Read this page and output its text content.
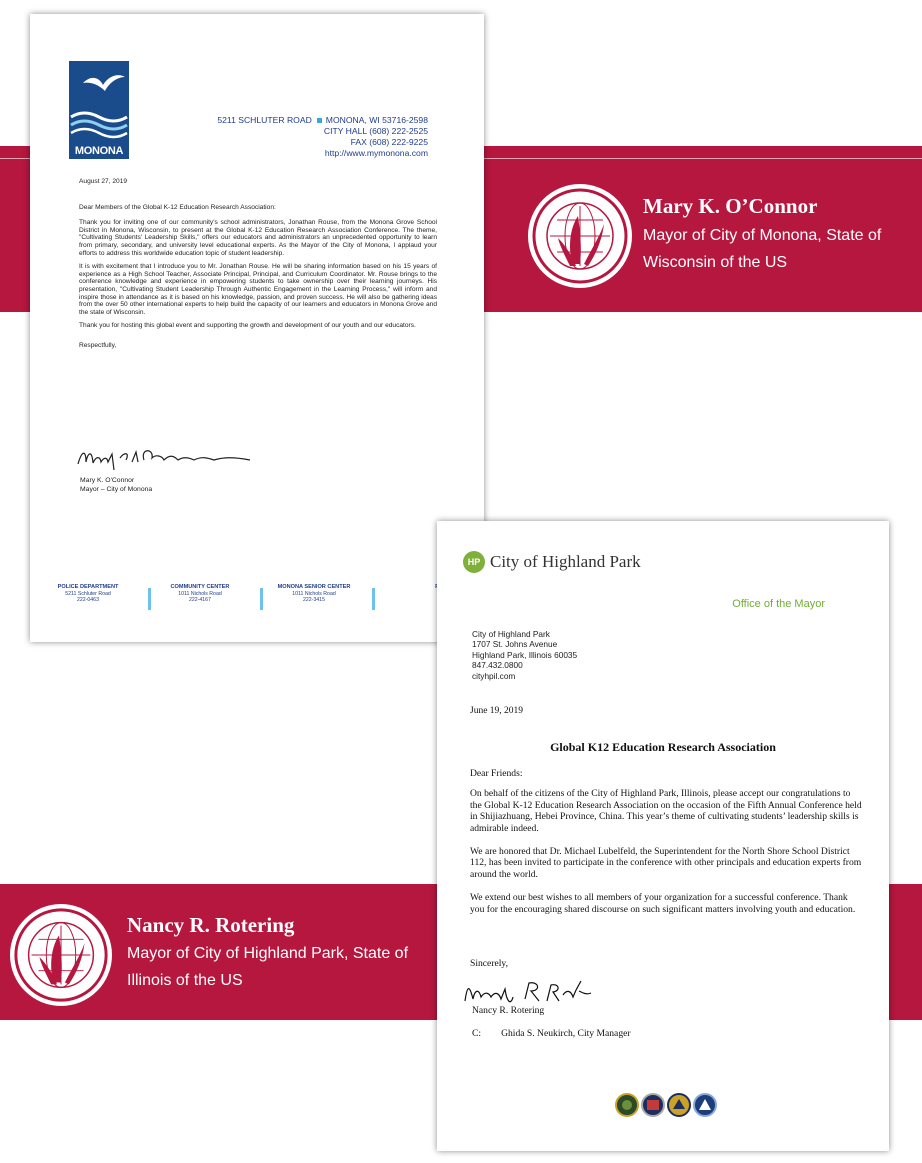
Mary K. O’Connor
Mayor of City of Monona, State of Wisconsin of the US
Nancy R. Rotering
Mayor of City of Highland Park, State of Illinois of the US
MONONA
5211 SCHLUTER ROAD MONONA, WI 53716-2598
CITY HALL (608) 222-2525
FAX (608) 222-9225
http://www.mymonona.com

August 27, 2019

Dear Members of the Global K-12 Education Research Association:

Thank you for inviting one of our community's school administrators, Jonathan Rouse, from the Monona Grove School District in Monona, Wisconsin, to present at the Global K-12 Education Research Association Conference. The theme, "Cultivating Students' Leadership Skills," offers our educators and administrators an unprecedented opportunity to learn from primary, secondary, and university level educational experts. As the Mayor of the City of Monona, I applaud your efforts to address this worldwide education topic of student leadership.

It is with excitement that I introduce you to Mr. Jonathan Rouse. He will be sharing information based on his 15 years of experience as a High School Teacher, Associate Principal, Principal, and Curriculum Coordinator. Mr. Rouse brings to the conference knowledge and experience in empowering students to take ownership over their learning journeys. His presentation, "Cultivating Student Leadership Through Authentic Engagement in the Learning Process," will inform and inspire those in attendance as it is based on his knowledge, passion, and proven success. He will also be gathering ideas from the over 50 other international experts to help build the capacity of our learners and educators in Monona Grove and the state of Wisconsin.

Thank you for hosting this global event and supporting the growth and development of our youth and our educators.

Respectfully,

Mary K. O'Connor
Mayor – City of Monona
POLICE DEPARTMENT
5211 Schluter Road
222-0463
COMMUNITY CENTER
1011 Nichols Road
222-4167
MONONA SENIOR CENTER
1011 Nichols Road
222-3415
HP City of Highland Park
Office of the Mayor
City of Highland Park
1707 St. Johns Avenue
Highland Park, Illinois 60035
847.432.0800
cityhpil.com
June 19, 2019
Global K12 Education Research Association

Dear Friends:

On behalf of the citizens of the City of Highland Park, Illinois, please accept our congratulations to the Global K-12 Education Research Association on the occasion of the Fifth Annual Conference held in Shijiazhuang, Hebei Province, China. This year’s theme of cultivating students’ leadership skills is admirable indeed.

We are honored that Dr. Michael Lubelfeld, the Superintendent for the North Shore School District 112, has been invited to participate in the conference with other principals and education experts from around the world.

We extend our best wishes to all members of your organization for a successful conference. Thank you for the encouraging shared discourse on such significant matters involving youth and education.

Sincerely,
Nancy R. Rotering
C: Ghida S. Neukirch, City Manager
